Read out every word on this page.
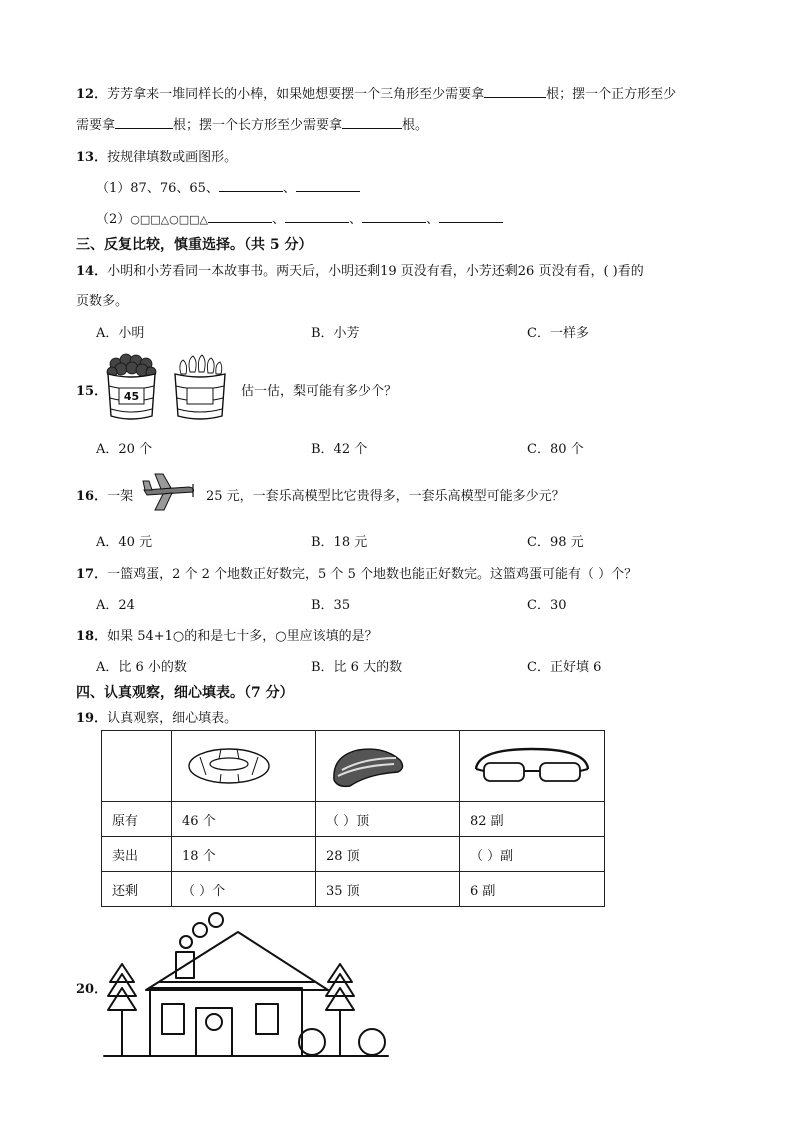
12．芳芳拿来一堆同样长的小棒，如果她想要摆一个三角形至少需要拿	根；摆一个正方形至少
需要拿	根；摆一个长方形至少需要拿	根。
13．按规律填数或画图形。
（1）87、76、65、	、
（2）○□□△○□□△	、	、	、
三、反复比较，慎重选择。（共 5 分）
14．小明和小芳看同一本故事书。两天后，小明还剩19 页没有看，小芳还剩26 页没有看，( )看的
页数多。
A．小明	B．小芳	C．一样多
15． 45	估一估，梨可能有多少个？
A．20 个	B．42 个	C．80 个
16．一架	25 元，一套乐高模型比它贵得多，一套乐高模型可能多少元？
A．40 元	B．18 元	C．98 元
17．一篮鸡蛋，2 个 2 个地数正好数完，5 个 5 个地数也能正好数完。这篮鸡蛋可能有（ ）个？
A．24	B．35	C．30
18．如果 54+1○的和是七十多，○里应该填的是？
A．比 6 小的数	B．比 6 大的数	C．正好填 6
四、认真观察，细心填表。（7 分）
19．认真观察，细心填表。

原有	46 个	（ ）顶	82 副
卖出	18 个	28 顶	（ ）副
还剩	（ ）个	35 顶	6 副
20．
